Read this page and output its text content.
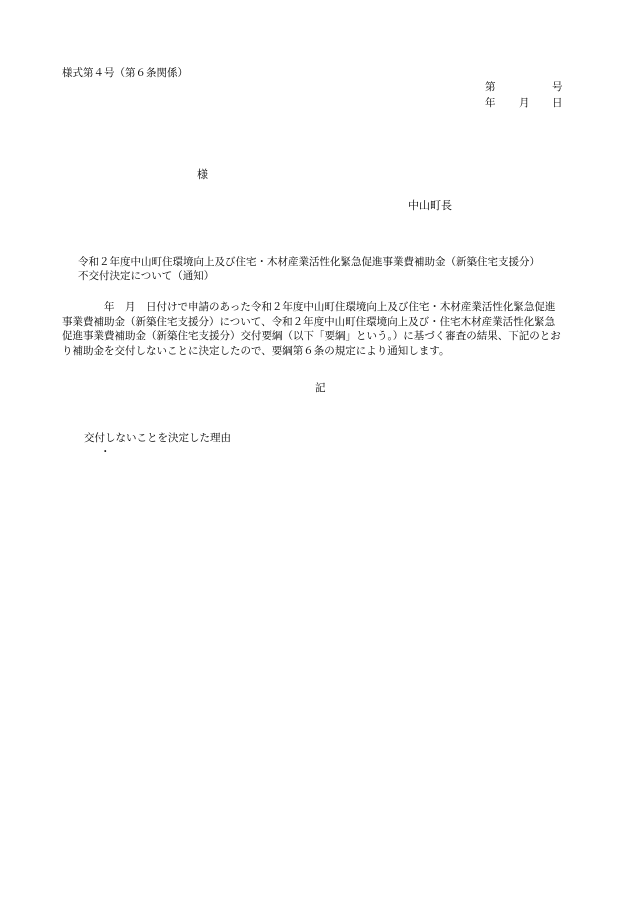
様式第４号（第６条関係）
第	号
年 月 日
様
中山町長
令和２年度中山町住環境向上及び住宅・木材産業活性化緊急促進事業費補助金（新築住宅支援分）
不交付決定について（通知）
　　　　年　月　日付けで申請のあった令和２年度中山町住環境向上及び住宅・木材産業活性化緊急促進
事業費補助金（新築住宅支援分）について、令和２年度中山町住環境向上及び・住宅木材産業活性化緊急
促進事業費補助金（新築住宅支援分）交付要綱（以下「要綱」という。）に基づく審査の結果、下記のとお
り補助金を交付しないことに決定したので、要綱第６条の規定により通知します。
記
交付しないことを決定した理由
・
